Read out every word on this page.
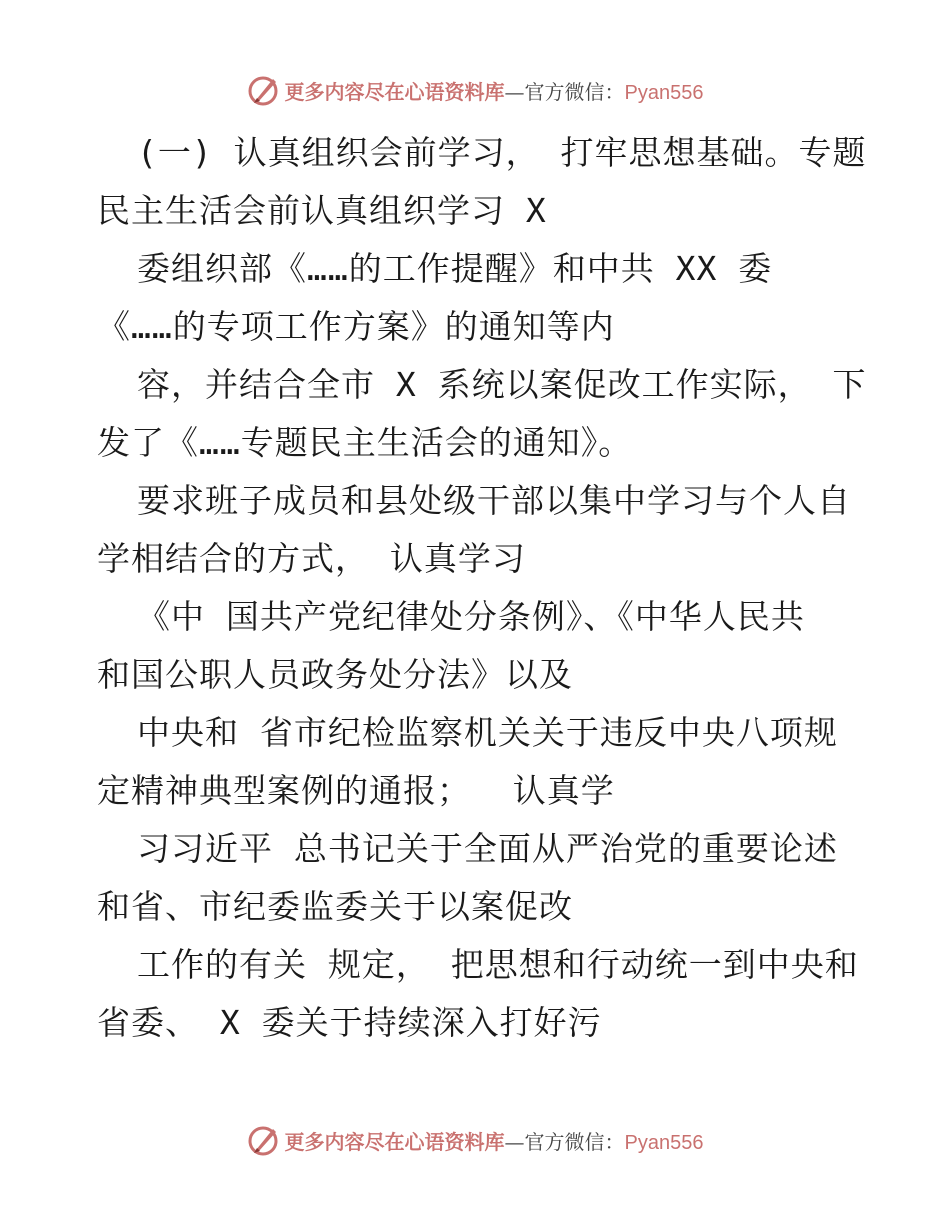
更多内容尽在心语资料库—官方微信：Pyan556
(一) 认真组织会前学习， 打牢思想基础。专题
民主生活会前认真组织学习 X
委组织部《……的工作提醒》和中共 XX 委
《……的专项工作方案》的通知等内
容，并结合全市 X 系统以案促改工作实际， 下
发了《……专题民主生活会的通知》。
要求班子成员和县处级干部以集中学习与个人自
学相结合的方式， 认真学习
《中 国共产党纪律处分条例》、《中华人民共
和国公职人员政务处分法》以及
中央和 省市纪检监察机关关于违反中央八项规
定精神典型案例的通报；  认真学
习习近平 总书记关于全面从严治党的重要论述
和省、市纪委监委关于以案促改
工作的有关 规定， 把思想和行动统一到中央和
省委、 X 委关于持续深入打好污
更多内容尽在心语资料库—官方微信：Pyan556
